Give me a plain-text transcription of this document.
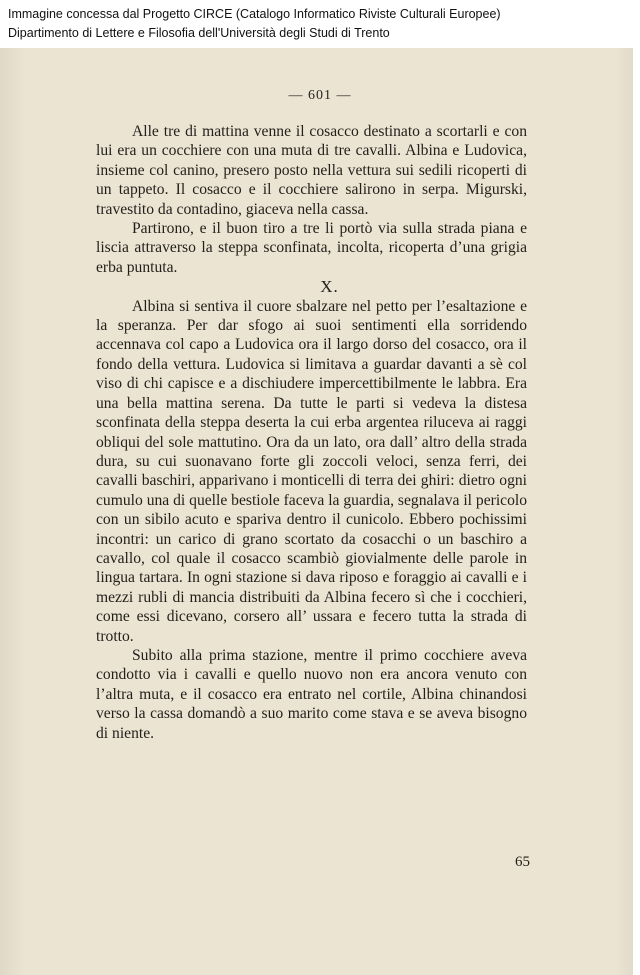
Immagine concessa dal Progetto CIRCE (Catalogo Informatico Riviste Culturali Europee)
Dipartimento di Lettere e Filosofia dell'Università degli Studi di Trento
— 601 —

Alle tre di mattina venne il cosacco destinato a scortarli e con lui era un cocchiere con una muta di tre cavalli. Albina e Ludovica, insieme col canino, presero posto nella vettura sui sedili ricoperti di un tappeto. Il cosacco e il cocchiere salirono in serpa. Migurski, travestito da contadino, giaceva nella cassa.

Partirono, e il buon tiro a tre li portò via sulla strada piana e liscia attraverso la steppa sconfinata, incolta, ricoperta d’una grigia erba puntuta.

X.

Albina si sentiva il cuore sbalzare nel petto per l’esaltazione e la speranza. Per dar sfogo ai suoi sentimenti ella sorridendo accennava col capo a Ludovica ora il largo dorso del cosacco, ora il fondo della vettura. Ludovica si limitava a guardar davanti a sè col viso di chi capisce e a dischiudere impercettibilmente le labbra. Era una bella mattina serena. Da tutte le parti si vedeva la distesa sconfinata della steppa deserta la cui erba argentea riluceva ai raggi obliqui del sole mattutino. Ora da un lato, ora dall’ altro della strada dura, su cui suonavano forte gli zoccoli veloci, senza ferri, dei cavalli baschiri, apparivano i monticelli di terra dei ghiri: dietro ogni cumulo una di quelle bestiole faceva la guardia, segnalava il pericolo con un sibilo acuto e spariva dentro il cunicolo. Ebbero pochissimi incontri: un carico di grano scortato da cosacchi o un baschiro a cavallo, col quale il cosacco scambiò giovialmente delle parole in lingua tartara. In ogni stazione si dava riposo e foraggio ai cavalli e i mezzi rubli di mancia distribuiti da Albina fecero sì che i cocchieri, come essi dicevano, corsero all’ ussara e fecero tutta la strada di trotto.

Subito alla prima stazione, mentre il primo cocchiere aveva condotto via i cavalli e quello nuovo non era ancora venuto con l’altra muta, e il cosacco era entrato nel cortile, Albina chinandosi verso la cassa domandò a suo marito come stava e se aveva bisogno di niente.

65
